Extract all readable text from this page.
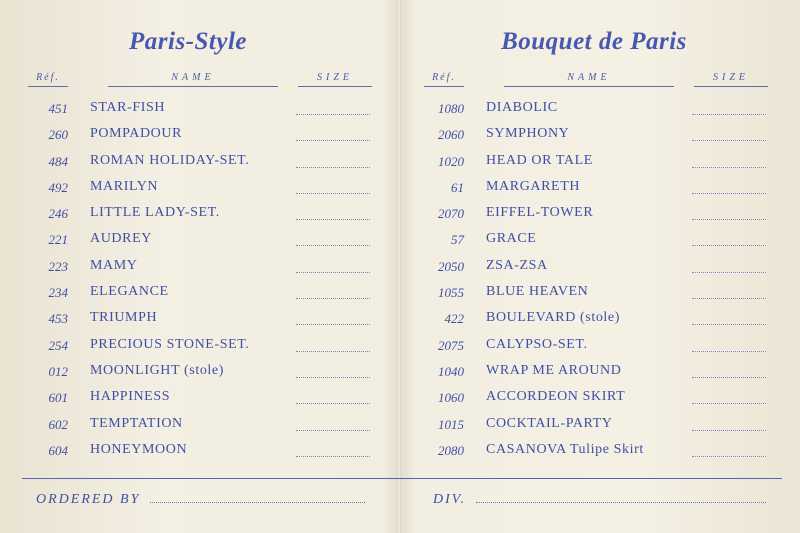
Paris-Style
Réf.	NAME	SIZE
451 STAR-FISH
260 POMPADOUR
484 ROMAN HOLIDAY-SET.
492 MARILYN
246 LITTLE LADY-SET.
221 AUDREY
223 MAMY
234 ELEGANCE
453 TRIUMPH
254 PRECIOUS STONE-SET.
012 MOONLIGHT (stole)
601 HAPPINESS
602 TEMPTATION
604 HONEYMOON
Bouquet de Paris
Réf.	NAME	SIZE
1080 DIABOLIC
2060 SYMPHONY
1020 HEAD OR TALE
61 MARGARETH
2070 EIFFEL-TOWER
57 GRACE
2050 ZSA-ZSA
1055 BLUE HEAVEN
422 BOULEVARD (stole)
2075 CALYPSO-SET.
1040 WRAP ME AROUND
1060 ACCORDEON SKIRT
1015 COCKTAIL-PARTY
2080 CASANOVA Tulipe Skirt
ORDERED BY	DIV.
